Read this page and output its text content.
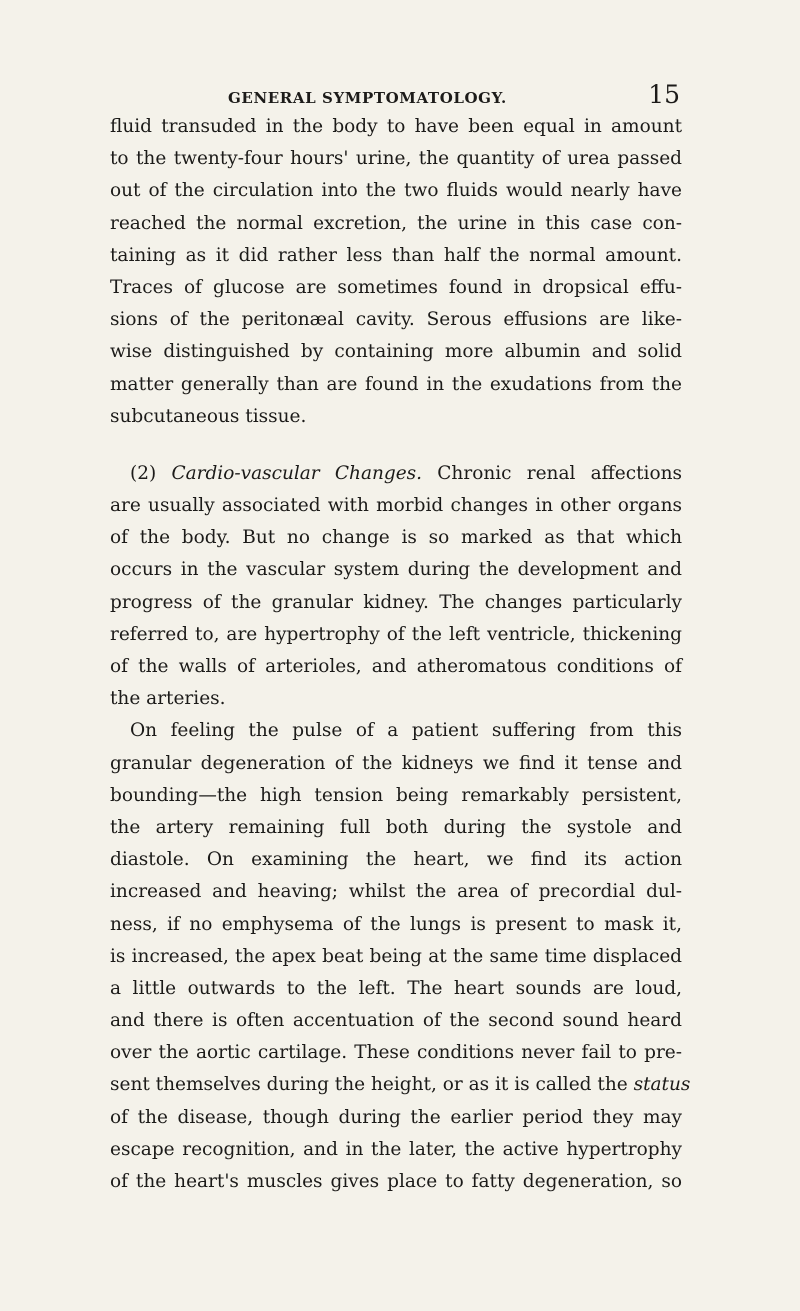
GENERAL SYMPTOMATOLOGY.	15
fluid transuded in the body to have been equal in amount
to the twenty-four hours' urine, the quantity of urea passed
out of the circulation into the two fluids would nearly have
reached the normal excretion, the urine in this case con-
taining as it did rather less than half the normal amount.
Traces of glucose are sometimes found in dropsical effu-
sions of the peritonæal cavity. Serous effusions are like-
wise distinguished by containing more albumin and solid
matter generally than are found in the exudations from the
subcutaneous tissue.
(2) Cardio-vascular Changes. Chronic renal affections
are usually associated with morbid changes in other organs
of the body. But no change is so marked as that which
occurs in the vascular system during the development and
progress of the granular kidney. The changes particularly
referred to, are hypertrophy of the left ventricle, thickening
of the walls of arterioles, and atheromatous conditions of
the arteries.
On feeling the pulse of a patient suffering from this
granular degeneration of the kidneys we find it tense and
bounding—the high tension being remarkably persistent,
the artery remaining full both during the systole and
diastole. On examining the heart, we find its action
increased and heaving; whilst the area of precordial dul-
ness, if no emphysema of the lungs is present to mask it,
is increased, the apex beat being at the same time displaced
a little outwards to the left. The heart sounds are loud,
and there is often accentuation of the second sound heard
over the aortic cartilage. These conditions never fail to pre-
sent themselves during the height, or as it is called the status
of the disease, though during the earlier period they may
escape recognition, and in the later, the active hypertrophy
of the heart's muscles gives place to fatty degeneration, so
